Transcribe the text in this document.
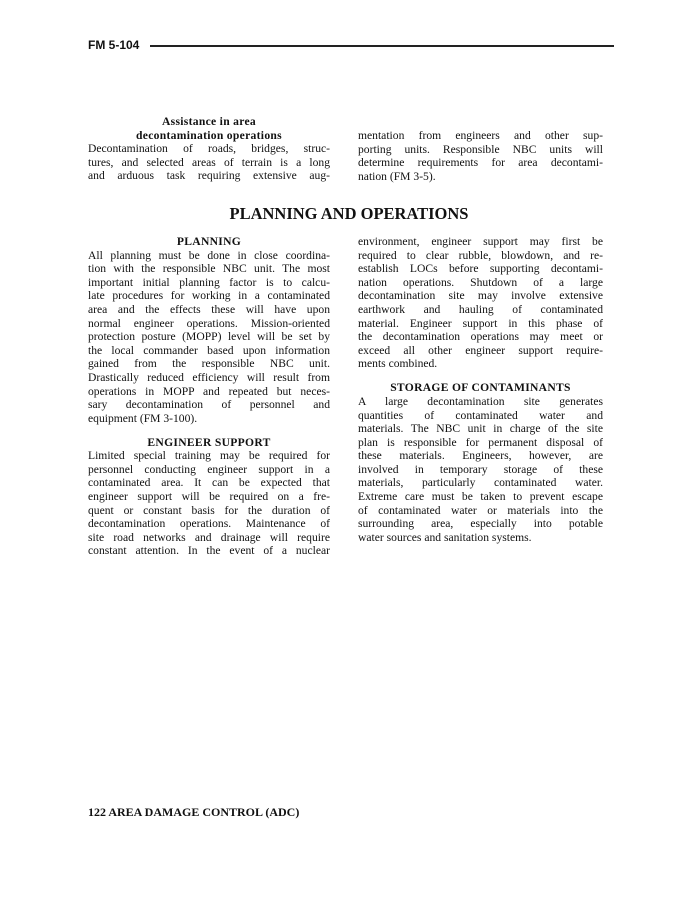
FM 5-104
PLANNING AND OPERATIONS
Assistance in area
decontamination operations
Decontamination of roads, bridges, struc-
tures, and selected areas of terrain is a long
and arduous task requiring extensive aug-
mentation from engineers and other sup-
porting units. Responsible NBC units will
determine requirements for area decontami-
nation (FM 3-5).
PLANNING
All planning must be done in close coordina-
tion with the responsible NBC unit. The most
important initial planning factor is to calcu-
late procedures for working in a contaminated
area and the effects these will have upon
normal engineer operations. Mission-oriented
protection posture (MOPP) level will be set by
the local commander based upon information
gained from the responsible NBC unit.
Drastically reduced efficiency will result from
operations in MOPP and repeated but neces-
sary decontamination of personnel and
equipment (FM 3-100).
ENGINEER SUPPORT
Limited special training may be required for
personnel conducting engineer support in a
contaminated area. It can be expected that
engineer support will be required on a fre-
quent or constant basis for the duration of
decontamination operations. Maintenance of
site road networks and drainage will require
constant attention. In the event of a nuclear
environment, engineer support may first be
required to clear rubble, blowdown, and re-
establish LOCs before supporting decontami-
nation operations. Shutdown of a large
decontamination site may involve extensive
earthwork and hauling of contaminated
material. Engineer support in this phase of
the decontamination operations may meet or
exceed all other engineer support require-
ments combined.
STORAGE OF CONTAMINANTS
A large decontamination site generates
quantities of contaminated water and
materials. The NBC unit in charge of the site
plan is responsible for permanent disposal of
these materials. Engineers, however, are
involved in temporary storage of these
materials, particularly contaminated water.
Extreme care must be taken to prevent escape
of contaminated water or materials into the
surrounding area, especially into potable
water sources and sanitation systems.
122 AREA DAMAGE CONTROL (ADC)
